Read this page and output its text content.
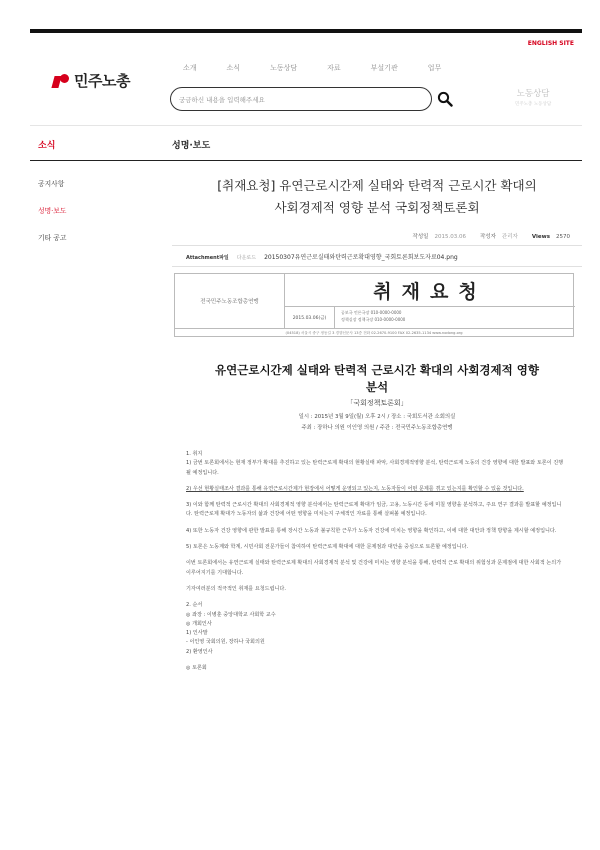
ENGLISH SITE
민주노총
소개	소식	노동상담	자료	부설기관	업무
궁금하신 내용을 입력해주세요
노동상담
민주노총 노동상담
소식	성명·보도
공지사항
성명·보도
기타 공고
[취재요청] 유연근로시간제 실태와 탄력적 근로시간 확대의
사회경제적 영향 분석 국회정책토론회
작성일 2015.03.06	작성자 관리자	Views 2570
Attachment파일 다운로드 20150307유연근로실태와탄력근로확대영향_국회토론회보도자료04.png
전국민주노동조합총연맹	취재요청
2015.03.06(금)
공보국 언론국장 010-0000-0000
정책실장 정책국장 010-0000-0000
(04518) 서울시 중구 정동길 3 경향신문사 13층 전화 02-2670-9100 FAX 02-2635-1134 www.nodong.org
유연근로시간제 실태와 탄력적 근로시간 확대의 사회경제적 영향
분석
「국회정책토론회」
일시 : 2015년 3월 9일(월) 오후 2시 / 장소 : 국회도서관 소회의실
주최 : 장하나 의원 이인영 의원 / 주관 : 전국민주노동조합총연맹

1. 취지
1) 금번 토론회에서는 현재 정부가 확대를 추진하고 있는 탄력근로제 확대의 현황실태 파악, 사회경제적영향 분석, 탄력근로제 노동의 건강 영향에 대한 발표와 토론이 진행될 예정입니다.

2) 우선 현황실태조사 결과를 통해 유연근로시간제가 현장에서 어떻게 운영되고 있는지, 노동자들이 어떤 문제를 겪고 있는지를 확인할 수 있을 것입니다.

3) 이와 함께 탄력적 근로시간 확대의 사회경제적 영향 분석에서는 탄력근로제 확대가 임금, 고용, 노동시간 등에 미칠 영향을 분석하고, 주요 연구 결과를 발표할 예정입니다. 탄력근로제 확대가 노동자의 삶과 건강에 어떤 영향을 미치는지 구체적인 자료를 통해 살펴볼 예정입니다.

4) 또한 노동자 건강 영향에 관한 발표를 통해 장시간 노동과 불규칙한 근무가 노동자 건강에 미치는 영향을 확인하고, 이에 대한 대안과 정책 방향을 제시할 예정입니다.

5) 토론은 노동계와 학계, 시민사회 전문가들이 참여하여 탄력근로제 확대에 대한 문제점과 대안을 중심으로 토론할 예정입니다.

이번 토론회에서는 유연근로제 실태와 탄력근로제 확대의 사회경제적 분석 및 건강에 미치는 영향 분석을 통해, 탄력적 근로 확대의 위험성과 문제점에 대한 사회적 논의가 이루어지기를 기대합니다.

기자여러분의 적극적인 취재를 요청드립니다.

2. 순서
◎ 좌장 : 이병훈 중앙대학교 사회학 교수
◎ 개회인사
1) 인사말
- 이인영 국회의원, 장하나 국회의원
2) 환영인사

◎ 토론회
